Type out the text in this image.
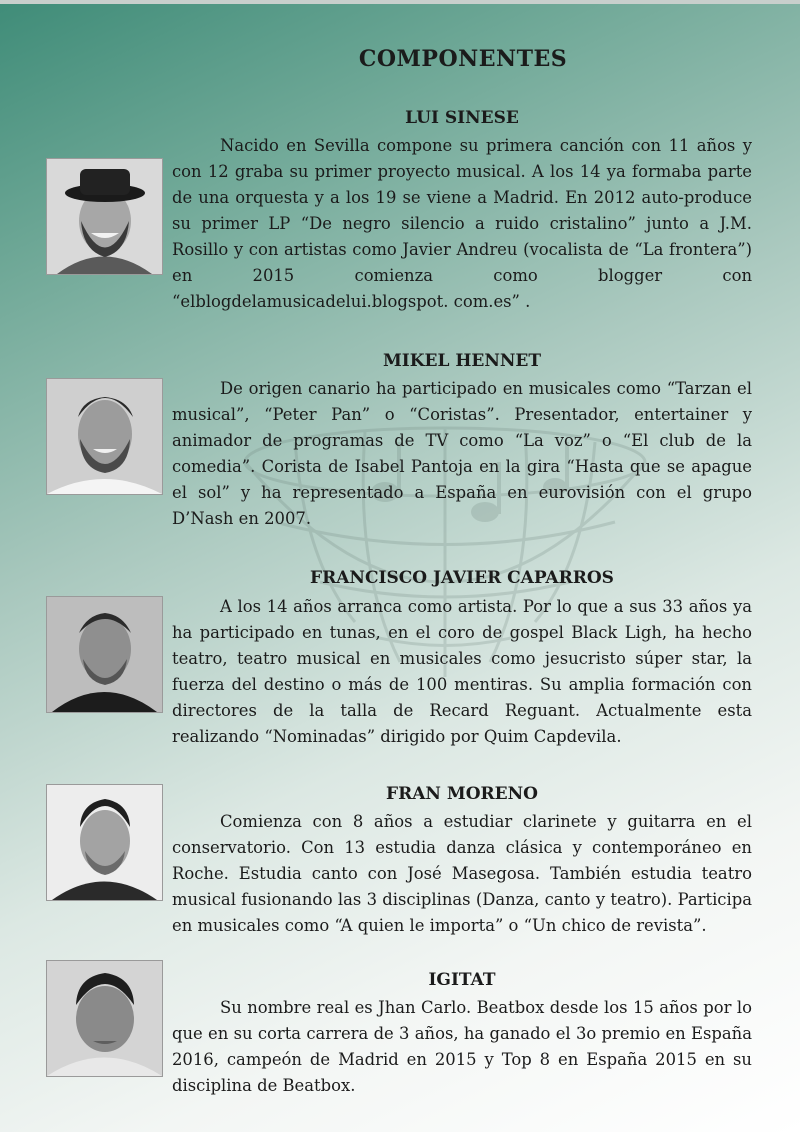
COMPONENTES
LUI SINESE

Nacido en Sevilla compone su primera canción con 11 años y con 12 graba su primer proyecto musical. A los 14 ya formaba parte de una orquesta y a los 19 se viene a Madrid. En 2012 auto-produce su primer LP “De negro silencio a ruido cristalino” junto a J.M. Rosillo y con artistas como Javier Andreu (vocalista de “La frontera”) en 2015 comienza como blogger con “elblogdelamusicadelui.blogspot. com.es” .

MIKEL HENNET

De origen canario ha participado en musicales como “Tarzan el musical”, “Peter Pan” o “Coristas”. Presentador, entertainer y animador de programas de TV como “La voz” o “El club de la comedia”. Corista de Isabel Pantoja en la gira “Hasta que se apague el sol” y ha representado a España en eurovisión con el grupo D’Nash en 2007.

FRANCISCO JAVIER CAPARROS

A los 14 años arranca como artista. Por lo que a sus 33 años ya ha participado en tunas, en el coro de gospel Black Ligh, ha hecho teatro, teatro musical en musicales como jesucristo súper star, la fuerza del destino o más de 100 mentiras. Su amplia formación con directores de la talla de Recard Reguant. Actualmente esta realizando “Nominadas” dirigido por Quim Capdevila.

FRAN MORENO

Comienza con 8 años a estudiar clarinete y guitarra en el conservatorio. Con 13 estudia danza clásica y contemporáneo en Roche. Estudia canto con José Masegosa. También estudia teatro musical fusionando las 3 disciplinas (Danza, canto y teatro). Participa en musicales como “A quien le importa” o “Un chico de revista”.

IGITAT

Su nombre real es Jhan Carlo. Beatbox desde los 15 años por lo que en su corta carrera de 3 años, ha ganado el 3o premio en España 2016, campeón de Madrid en 2015 y Top 8 en España 2015 en su disciplina de Beatbox.
